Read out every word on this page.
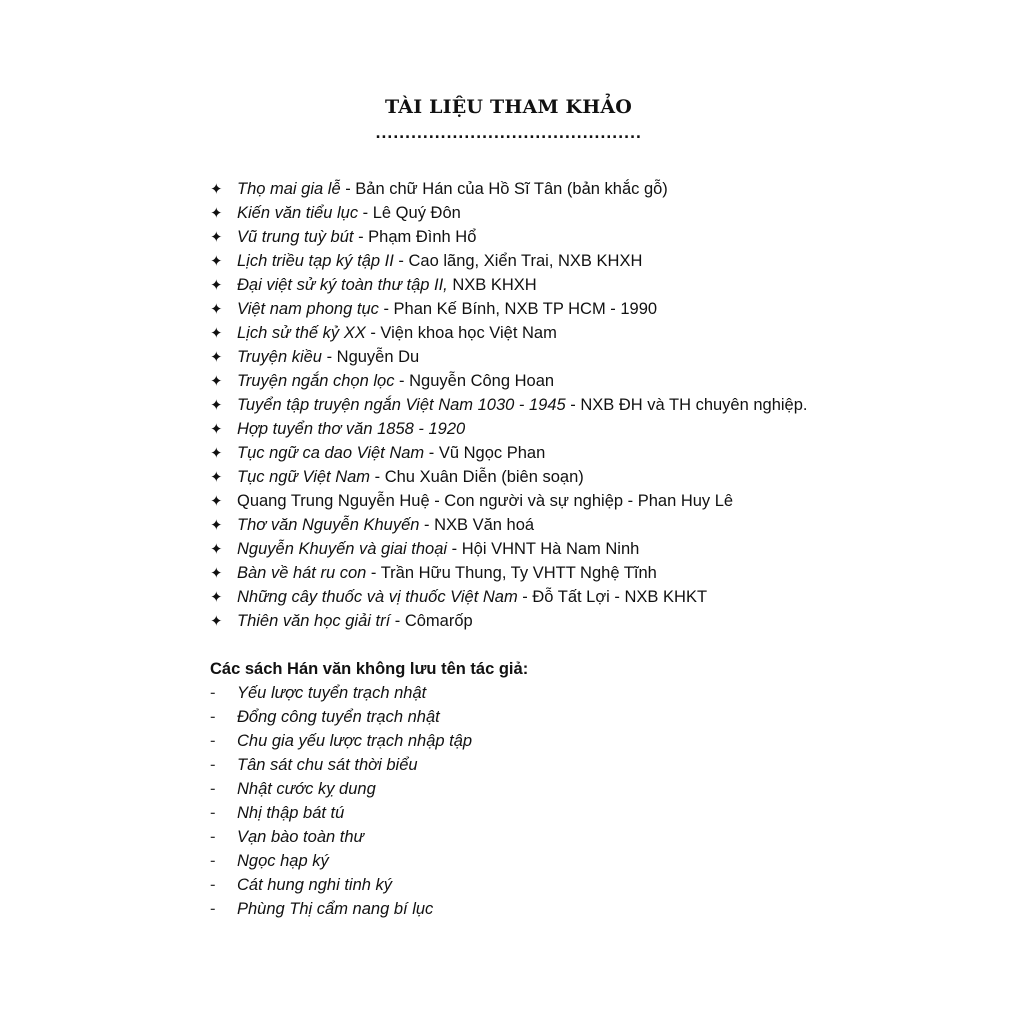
TÀI LIỆU THAM KHẢO
.............................................
✦ Thọ mai gia lễ - Bản chữ Hán của Hồ Sĩ Tân (bản khắc gỗ)
✦ Kiến văn tiểu lục - Lê Quý Đôn
✦ Vũ trung tuỳ bút - Phạm Đình Hổ
✦ Lịch triều tạp ký tập II - Cao lãng, Xiển Trai, NXB KHXH
✦ Đại việt sử ký toàn thư tập II, NXB KHXH
✦ Việt nam phong tục - Phan Kế Bính, NXB TP HCM - 1990
✦ Lịch sử thế kỷ XX - Viện khoa học Việt Nam
✦ Truyện kiều - Nguyễn Du
✦ Truyện ngắn chọn lọc - Nguyễn Công Hoan
✦ Tuyển tập truyện ngắn Việt Nam 1030 - 1945 - NXB ĐH và TH chuyên nghiệp.
✦ Hợp tuyển thơ văn 1858 - 1920
✦ Tục ngữ ca dao Việt Nam - Vũ Ngọc Phan
✦ Tục ngữ Việt Nam - Chu Xuân Diễn (biên soạn)
✦ Quang Trung Nguyễn Huệ - Con người và sự nghiệp - Phan Huy Lê
✦ Thơ văn Nguyễn Khuyến - NXB Văn hoá
✦ Nguyễn Khuyến và giai thoại - Hội VHNT Hà Nam Ninh
✦ Bàn về hát ru con - Trần Hữu Thung, Ty VHTT Nghệ Tĩnh
✦ Những cây thuốc và vị thuốc Việt Nam - Đỗ Tất Lợi - NXB KHKT
✦ Thiên văn học giải trí - Cômarốp
Các sách Hán văn không lưu tên tác giả:
-	Yếu lược tuyển trạch nhật
-	Đổng công tuyển trạch nhật
-	Chu gia yếu lược trạch nhập tập
-	Tân sát chu sát thời biểu
-	Nhật cước kỵ dung
-	Nhị thập bát tú
-	Vạn bào toàn thư
-	Ngọc hạp ký
-	Cát hung nghi tinh ký
-	Phùng Thị cẩm nang bí lục
